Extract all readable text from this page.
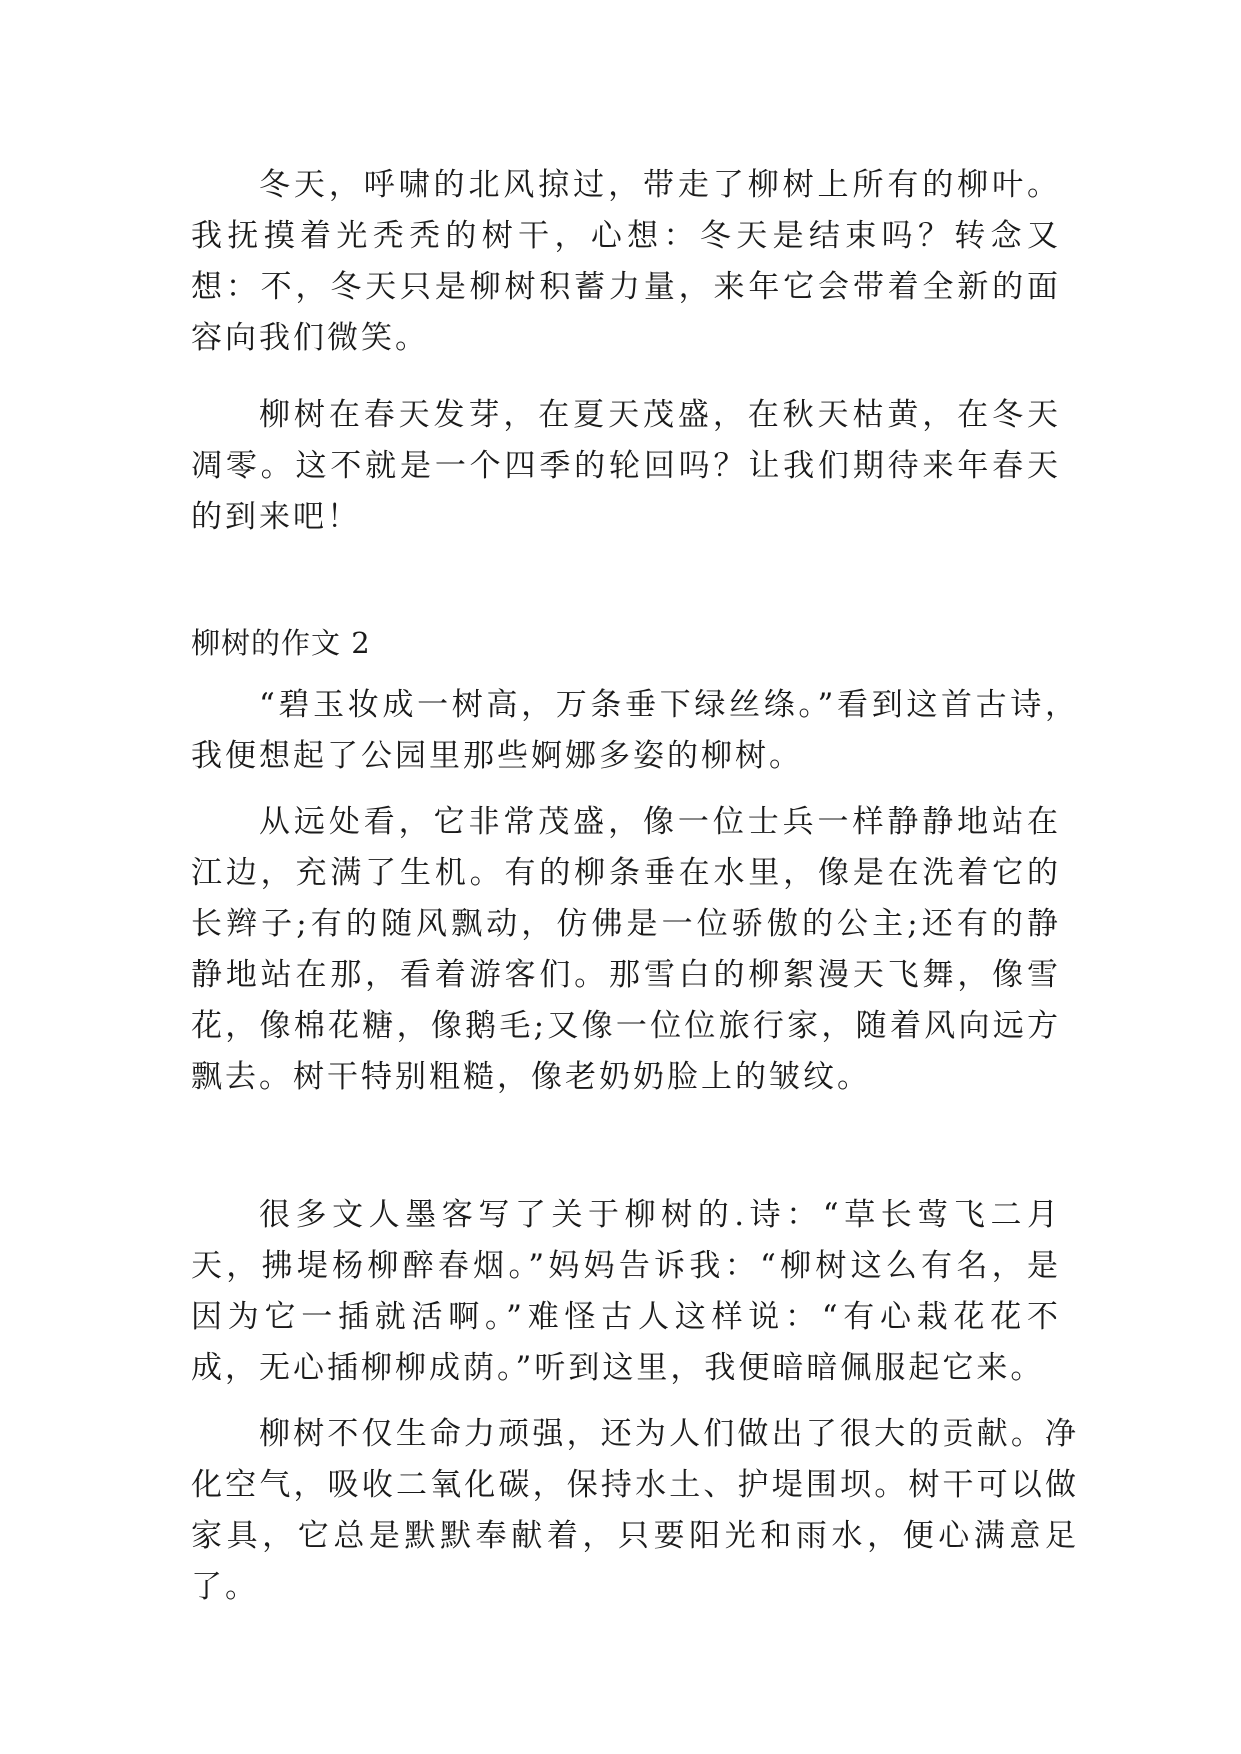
冬天，呼啸的北风掠过，带走了柳树上所有的柳叶。我抚摸着光秃秃的树干，心想：冬天是结束吗？转念又想：不，冬天只是柳树积蓄力量，来年它会带着全新的面容向我们微笑。

柳树在春天发芽，在夏天茂盛，在秋天枯黄，在冬天凋零。这不就是一个四季的轮回吗？让我们期待来年春天的到来吧！

柳树的作文 2

“碧玉妆成一树高，万条垂下绿丝绦。”看到这首古诗，我便想起了公园里那些婀娜多姿的柳树。

从远处看，它非常茂盛，像一位士兵一样静静地站在江边，充满了生机。有的柳条垂在水里，像是在洗着它的长辫子;有的随风飘动，仿佛是一位骄傲的公主;还有的静静地站在那，看着游客们。那雪白的柳絮漫天飞舞，像雪花，像棉花糖，像鹅毛;又像一位位旅行家，随着风向远方飘去。树干特别粗糙，像老奶奶脸上的皱纹。

很多文人墨客写了关于柳树的.诗：“草长莺飞二月天，拂堤杨柳醉春烟。”妈妈告诉我：“柳树这么有名，是因为它一插就活啊。”难怪古人这样说：“有心栽花花不成，无心插柳柳成荫。”听到这里，我便暗暗佩服起它来。

柳树不仅生命力顽强，还为人们做出了很大的贡献。净化空气，吸收二氧化碳，保持水土、护堤围坝。树干可以做家具，它总是默默奉献着，只要阳光和雨水，便心满意足了。
